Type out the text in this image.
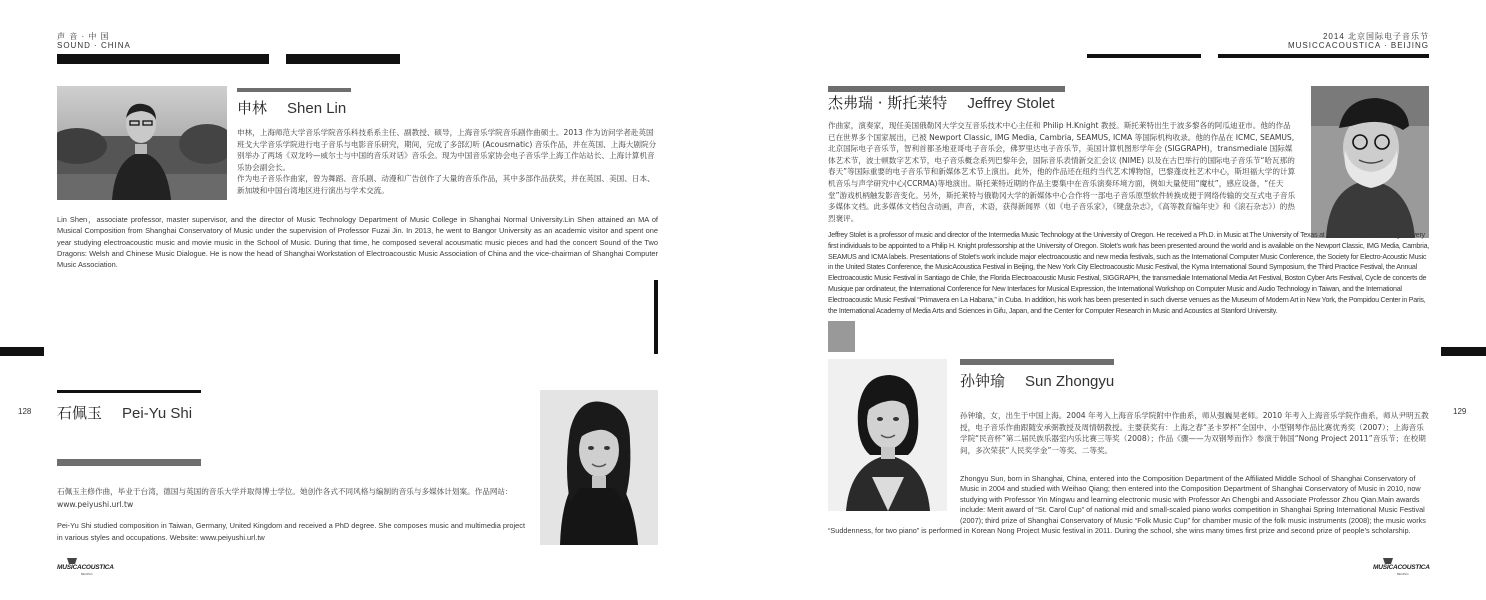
声 音 · 中 国
SOUND · CHINA
2014 北京国际电子音乐节
MUSICCACOUSTICA · BEIJING
申林 Shen Lin
申林，上海师范大学音乐学院音乐科技系系主任、副教授、硕导，上海音乐学院音乐剧作曲硕士。2013 作为访问学者赴英国班戈大学音乐学院进行电子音乐与电影音乐研究，期间，完成了多部幻听 (Acousmatic) 音乐作品，并在英国、上海大剧院分别举办了两场《双龙吟—威尔士与中国的音乐对话》音乐会。现为中国音乐家协会电子音乐学上海工作站站长、上海计算机音乐协会副会长。
作为电子音乐作曲家，曾为舞蹈、音乐剧、动漫和广告创作了大量的音乐作品，其中多部作品获奖，并在英国、美国、日本、新加坡和中国台湾地区进行演出与学术交流。
Lin Shen，associate professor, master supervisor, and the director of Music Technology Department of Music College in Shanghai Normal University.Lin Shen attained an MA of Musical Composition from Shanghai Conservatory of Music under the supervision of Professor Fuzai Jin. In 2013, he went to Bangor University as an academic visitor and spent one year studying electroacoustic music and movie music in the School of Music. During that time, he composed several acousmatic music pieces and had the concert Sound of the Two Dragons: Welsh and Chinese Music Dialogue. He is now the head of Shanghai Workstation of Electroacoustic Music Association of China and the vice-chairman of Shanghai Computer Music Association.
石佩玉 Pei-Yu Shi
石佩玉主修作曲，毕业于台湾，德国与英国的音乐大学并取得博士学位。她创作各式不同风格与编制的音乐与多媒体计划案。作品网站：www.peiyushi.url.tw
Pei-Yu Shi studied composition in Taiwan, Germany, United Kingdom and received a PhD degree. She composes music and multimedia project in various styles and occupations. Website: www.peiyushi.url.tw
128
MUSICACOUSTICA
BEIJING
杰弗瑞 · 斯托莱特 Jeffrey Stolet
作曲家，演奏家，现任美国俄勒冈大学交互音乐技术中心主任和 Philip H.Knight 教授。斯托莱特出生于波多黎各的阿瓜迪亚市。他的作品已在世界多个国家展出，已被 Newport Classic, IMG Media, Cambria, SEAMUS, ICMA 等国际机构收录。他的作品在 ICMC, SEAMUS, 北京国际电子音乐节，智利首都圣地亚哥电子音乐会，佛罗里达电子音乐节，美国计算机图形学年会 (SIGGRAPH)，transmediale 国际媒体艺术节，波士顿数字艺术节，电子音乐概念系列巴黎年会，国际音乐表情新交汇会议 (NIME) 以及在古巴举行的国际电子音乐节“哈瓦那的春天”等国际重要的电子音乐节和新媒体艺术节上演出。此外，他的作品还在纽约当代艺术博物馆，巴黎蓬皮杜艺术中心，斯坦福大学的计算机音乐与声学研究中心(CCRMA)等地演出。斯托莱特近期的作品主要集中在音乐演奏环境方面，例如大量使用“魔杖”，感应设备，“任天堂”游戏机柄触发影音变化。另外，斯托莱特与俄勒冈大学的新媒体中心合作将一部电子音乐原型软件转换成便于网络传输的交互式电子音乐多媒体文档。此多媒体文档包含动画，声音，术语，获得新闻界（如《电子音乐家》，《键盘杂志》，《高等教育编年史》和《滚石杂志》）的热烈褒评。
Jeffrey Stolet is a professor of music and director of the Intermedia Music Technology at the University of Oregon. He received a Ph.D. in Music at The University of Texas at Austin. Stolet was among the very first individuals to be appointed to a Philip H. Knight professorship at the University of Oregon. Stolet’s work has been presented around the world and is available on the Newport Classic, IMG Media, Cambria, SEAMUS and ICMA labels. Presentations of Stolet’s work include major electroacoustic and new media festivals, such as the International Computer Music Conference, the Society for Electro-Acoustic Music in the United States Conference, the MusicAcoustica Festival in Beijing, the New York City Electroacoustic Music Festival, the Kyma International Sound Symposium, the Third Practice Festival, the Annual Electroacoustic Music Festival in Santiago de Chile, the Florida Electroacoustic Music Festival, SIGGRAPH, the transmediale International Media Art Festival, Boston Cyber Arts Festival, Cycle de concerts de Musique par ordinateur, the International Conference for New Interfaces for Musical Expression, the International Workshop on Computer Music and Audio Technology in Taiwan, and the International Electroacoustic Music Festival “Primavera en La Habana,” in Cuba. In addition, his work has been presented in such diverse venues as the Museum of Modern Art in New York, the Pompidou Center in Paris, the International Academy of Media Arts and Sciences in Gifu, Japan, and the Center for Computer Research in Music and Acoustics at Stanford University.
孙钟瑜 Sun Zhongyu
孙钟瑜，女，出生于中国上海。2004 年考入上海音乐学院附中作曲系，师从强巍昊老师。2010 年考入上海音乐学院作曲系，师从尹明五教授，电子音乐作曲跟随安承弼教授及周情朝教授。主要获奖有：上海之春“圣卡罗杯”全国中、小型钢琴作品比赛优秀奖（2007）；上海音乐学院“民音杯”第二届民族乐器室内乐比赛三等奖（2008）；作品《骤——为双钢琴而作》参演于韩国“Nong Project 2011”音乐节；在校期间，多次荣获“人民奖学金”一等奖、二等奖。
Zhongyu Sun, born in Shanghai, China, entered into the Composition Department of the Affiliated Middle School of Shanghai Conservatory of Music in 2004 and studied with Weihao Qiang; then entered into the Composition Department of Shanghai Conservatory of Music in 2010, now studying with Professor Yin Mingwu and learning electronic music with Professor An Chengbi and Associate Professor Zhou Qian.Main awards include: Merit award of “St. Carol Cup” of national mid and small-scaled piano works competition in Shanghai Spring International Music Festival (2007); third prize of Shanghai Conservatory of Music “Folk Music Cup” for chamber music of the folk music instruments (2008); the music works “Suddenness, for two piano” is performed in Korean Nong Project Music festival in 2011. During the school, she wins many times first prize and second prize of people’s scholarship.
129
MUSICACOUSTICA
BEIJING
